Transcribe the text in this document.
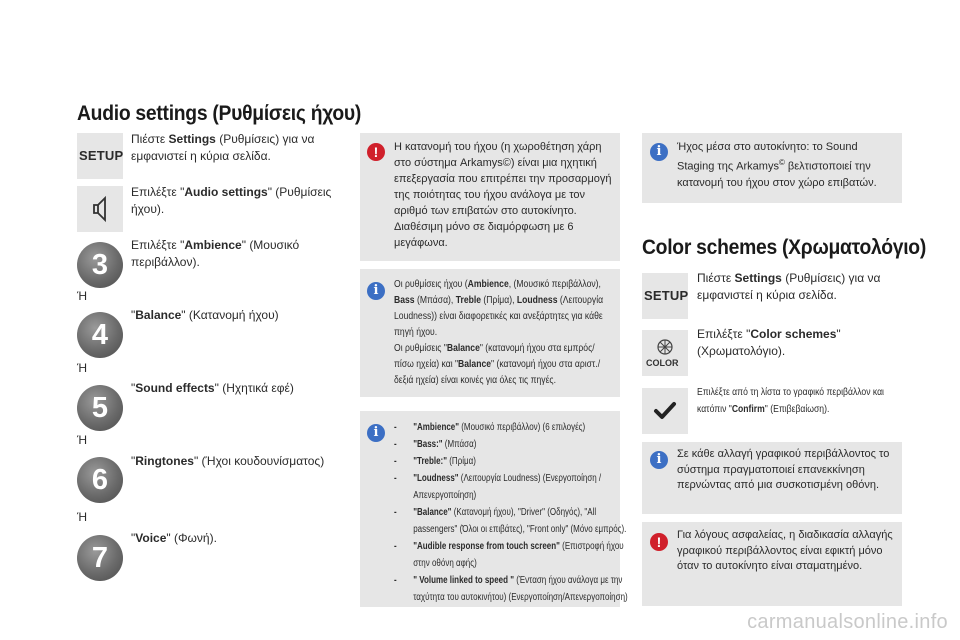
Audio settings (Ρυθμίσεις ήχου)
SETUP
Πιέστε Settings (Ρυθμίσεις) για να εμφανιστεί η κύρια σελίδα.
Επιλέξτε "Audio settings" (Ρυθμίσεις ήχου).
3
Επιλέξτε "Ambience" (Μουσικό περιβάλλον).
Ή
4
"Balance" (Κατανομή ήχου)
Ή
5
"Sound effects" (Ηχητικά εφέ)
Ή
6
"Ringtones" (Ήχοι κουδουνίσματος)
Ή
7
"Voice" (Φωνή).
!	Η κατανομή του ήχου (η χωροθέτηση χάρη στο σύστημα Arkamys©) είναι μια ηχητική επεξεργασία που επιτρέπει την προσαρμογή της ποιότητας του ήχου ανάλογα με τον αριθμό των επιβατών στο αυτοκίνητο. Διαθέσιμη μόνο σε διαμόρφωση με 6 μεγάφωνα.
i	Οι ρυθμίσεις ήχου (Ambience, (Μουσικό περιβάλλον), Bass (Μπάσα), Treble (Πρίμα), Loudness (Λειτουργία Loudness)) είναι διαφορετικές και ανεξάρτητες για κάθε πηγή ήχου.
Οι ρυθμίσεις "Balance" (κατανομή ήχου στα εμπρός/πίσω ηχεία) και "Balance" (κατανομή ήχου στα αριστ./δεξιά ηχεία) είναι κοινές για όλες τις πηγές.
i	- "Ambience" (Μουσικό περιβάλλον) (6 επιλογές)
- "Bass:" (Μπάσα)
- "Treble:" (Πρίμα)
- "Loudness" (Λειτουργία Loudness) (Ενεργοποίηση / Απενεργοποίηση)
- "Balance" (Κατανομή ήχου), "Driver" (Οδηγός), "All passengers" (Όλοι οι επιβάτες), "Front only" (Μόνο εμπρός).
- "Audible response from touch screen" (Επιστροφή ήχου στην οθόνη αφής)
- " Volume linked to speed " (Ένταση ήχου ανάλογα με την ταχύτητα του αυτοκινήτου) (Ενεργοποίηση/Απενεργοποίηση)
i	Ήχος μέσα στο αυτοκίνητο: το Sound Staging της Arkamys© βελτιστοποιεί την κατανομή του ήχου στον χώρο επιβατών.
Color schemes (Χρωματολόγιο)
SETUP
Πιέστε Settings (Ρυθμίσεις) για να εμφανιστεί η κύρια σελίδα.
COLOR
Επιλέξτε "Color schemes" (Χρωματολόγιο).
Επιλέξτε από τη λίστα το γραφικό περιβάλλον και κατόπιν "Confirm" (Επιβεβαίωση).
i	Σε κάθε αλλαγή γραφικού περιβάλλοντος το σύστημα πραγματοποιεί επανεκκίνηση περνώντας από μια συσκοτισμένη οθόνη.
!	Για λόγους ασφαλείας, η διαδικασία αλλαγής γραφικού περιβάλλοντος είναι εφικτή μόνο όταν το αυτοκίνητο είναι σταματημένο.
carmanualsonline.info
